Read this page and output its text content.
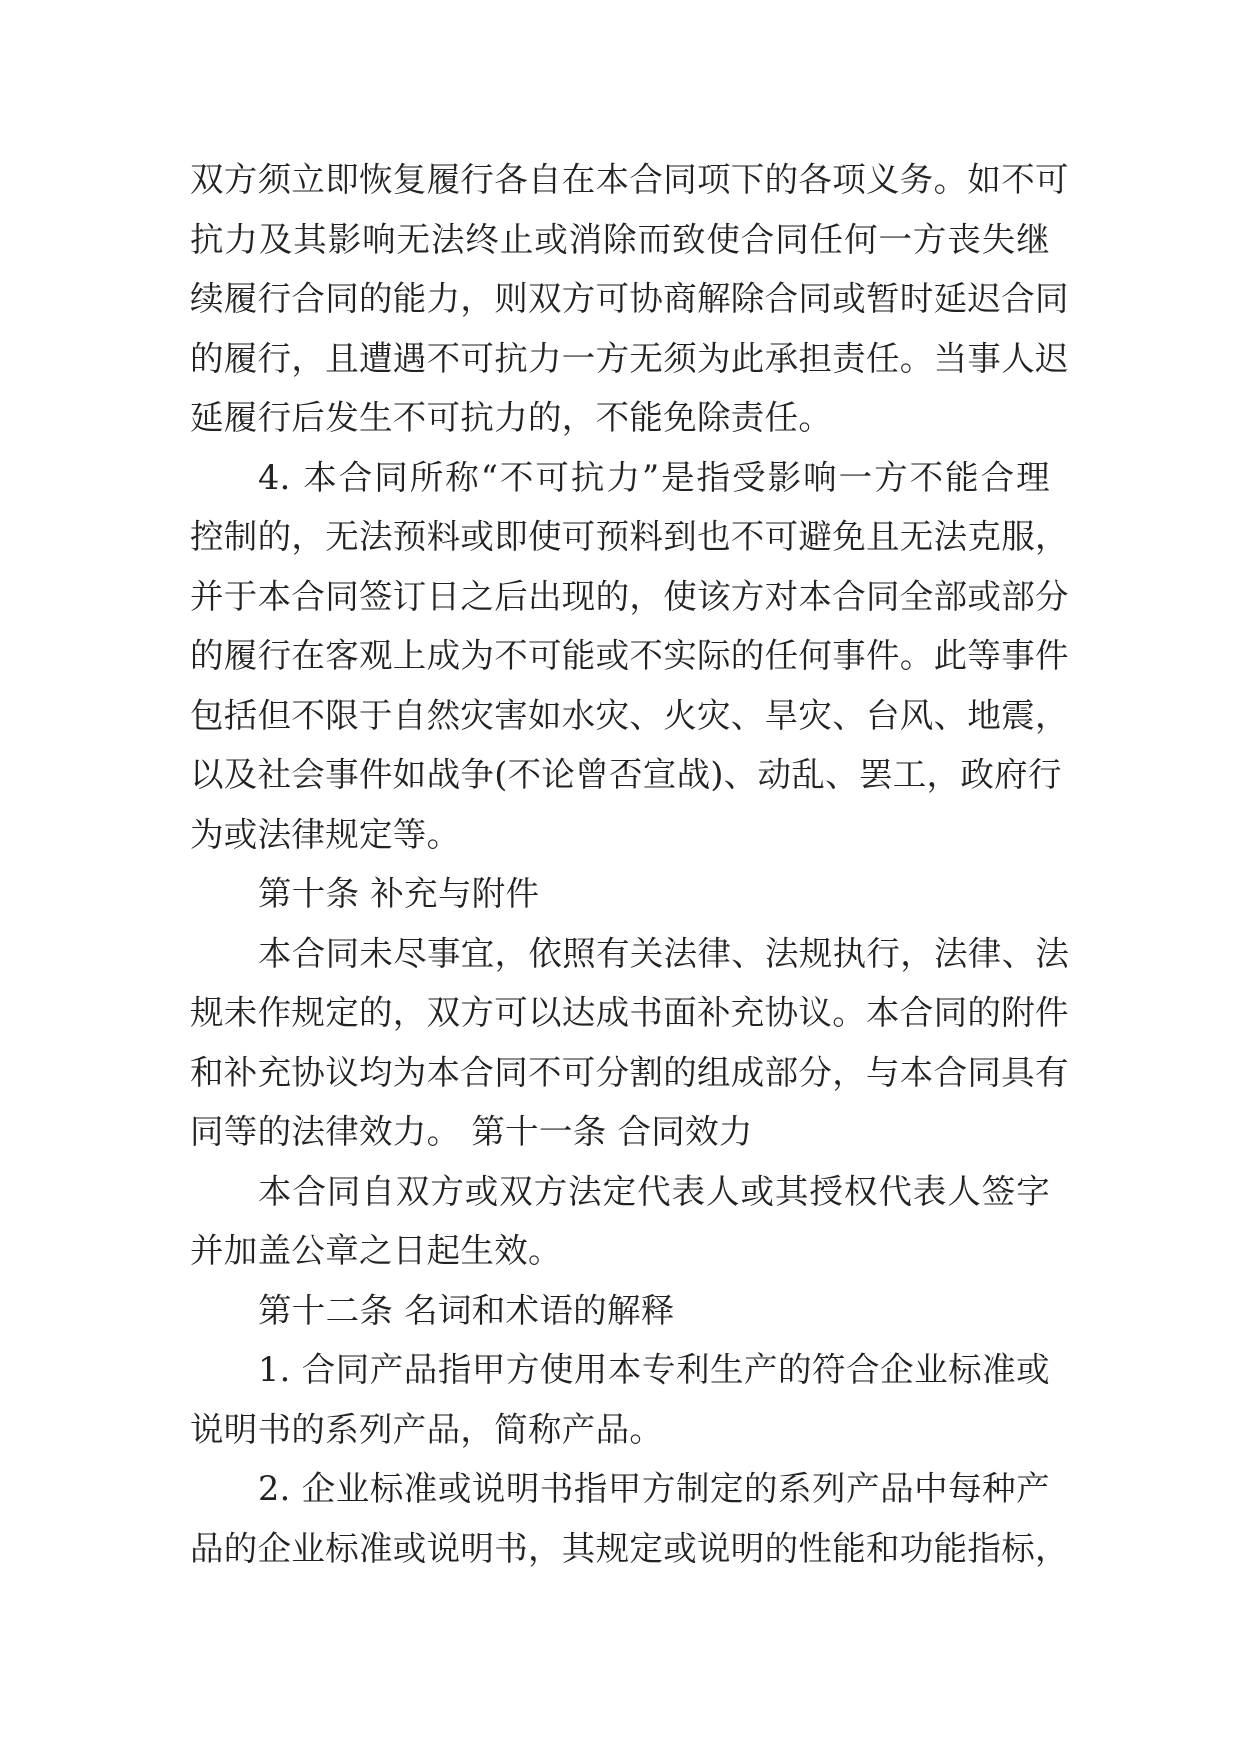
双方须立即恢复履行各自在本合同项下的各项义务。如不可
抗力及其影响无法终止或消除而致使合同任何一方丧失继
续履行合同的能力，则双方可协商解除合同或暂时延迟合同
的履行，且遭遇不可抗力一方无须为此承担责任。当事人迟
延履行后发生不可抗力的，不能免除责任。
4. 本合同所称“不可抗力”是指受影响一方不能合理
控制的，无法预料或即使可预料到也不可避免且无法克服，
并于本合同签订日之后出现的，使该方对本合同全部或部分
的履行在客观上成为不可能或不实际的任何事件。此等事件
包括但不限于自然灾害如水灾、火灾、旱灾、台风、地震，
以及社会事件如战争(不论曾否宣战)、动乱、罢工，政府行
为或法律规定等。
第十条 补充与附件
本合同未尽事宜，依照有关法律、法规执行，法律、法
规未作规定的，双方可以达成书面补充协议。本合同的附件
和补充协议均为本合同不可分割的组成部分，与本合同具有
同等的法律效力。 第十一条 合同效力
本合同自双方或双方法定代表人或其授权代表人签字
并加盖公章之日起生效。
第十二条 名词和术语的解释
1. 合同产品指甲方使用本专利生产的符合企业标准或
说明书的系列产品，简称产品。
2. 企业标准或说明书指甲方制定的系列产品中每种产
品的企业标准或说明书，其规定或说明的性能和功能指标，
